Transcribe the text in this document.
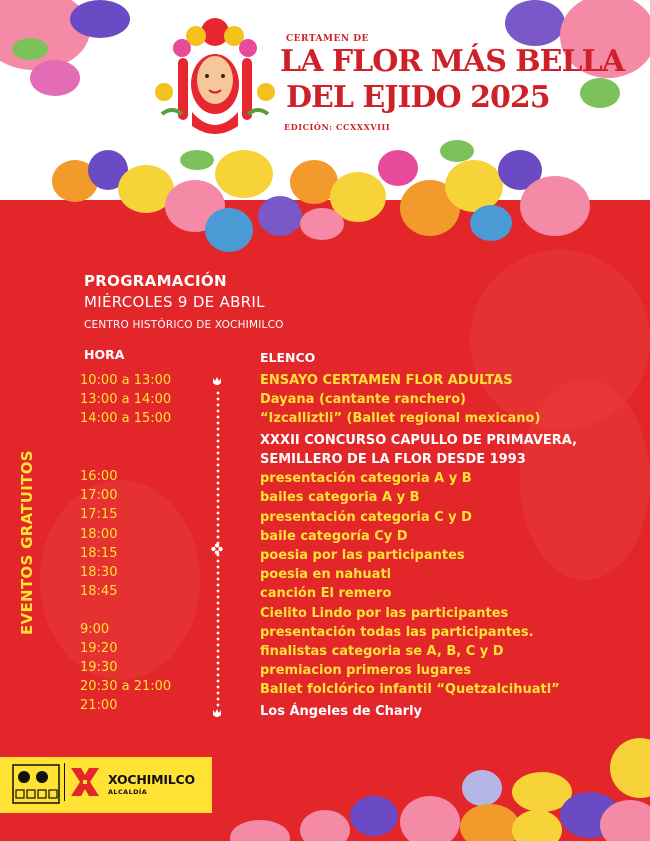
CERTAMEN DE
LA FLOR MÁS BELLA
DEL EJIDO 2025
EDICIÓN: CCXXXVIII
PROGRAMACIÓN
MIÉRCOLES 9 DE ABRIL
CENTRO HISTÓRICO DE XOCHIMILCO
HORA	ELENCO
EVENTOS GRATUITOS
10:00 a 13:00
13:00 a 14:00
14:00 a 15:00
16:00
17:00
17:15
18:00
18:15
18:30
18:45
9:00
19:20
19:30
20:30 a 21:00
21:00
ENSAYO CERTAMEN FLOR ADULTAS
Dayana (cantante ranchero)
“Izcalliztli” (Ballet regional mexicano)
XXXII CONCURSO CAPULLO DE PRIMAVERA,
SEMILLERO DE LA FLOR DESDE 1993
presentación categoria A y B
bailes categoria A y B
presentación categoria C y D
baile categoría Cy D
poesia por las participantes
poesia en nahuatl
canción El remero
Cielito Lindo por las participantes
presentación todas las participantes.
finalistas categoria se A, B, C y D
premiacion primeros lugares
Ballet folclórico infantil “Quetzalcihuatl”
Los Ángeles de Charly
XOCHIMILCO
ALCALDÍA
